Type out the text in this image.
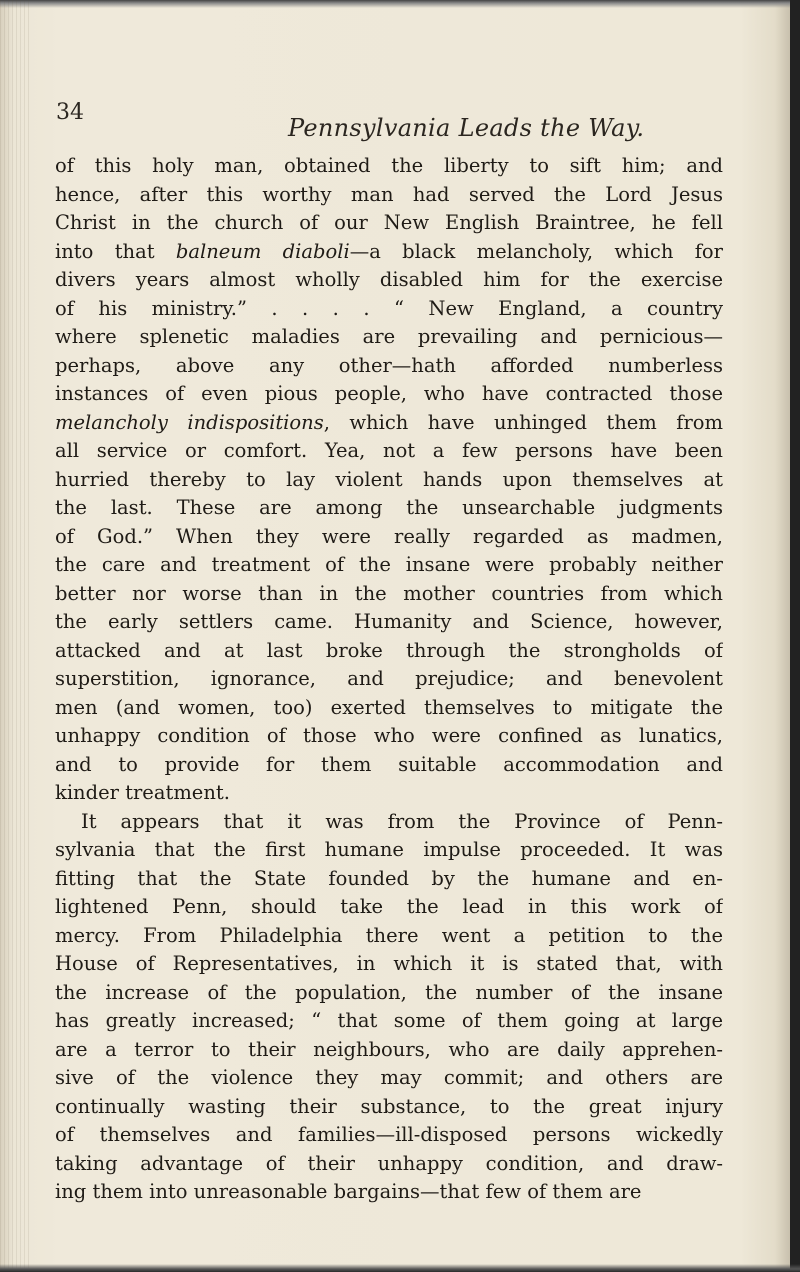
34
Pennsylvania Leads the Way.
of this holy man, obtained the liberty to sift him; and
hence, after this worthy man had served the Lord Jesus
Christ in the church of our New English Braintree, he fell
into that balneum diaboli—a black melancholy, which for
divers years almost wholly disabled him for the exercise
of his ministry.” . . . . “ New England, a country
where splenetic maladies are prevailing and pernicious—
perhaps, above any other—hath afforded numberless
instances of even pious people, who have contracted those
melancholy indispositions, which have unhinged them from
all service or comfort. Yea, not a few persons have been
hurried thereby to lay violent hands upon themselves at
the last. These are among the unsearchable judgments
of God.” When they were really regarded as madmen,
the care and treatment of the insane were probably neither
better nor worse than in the mother countries from which
the early settlers came. Humanity and Science, however,
attacked and at last broke through the strongholds of
superstition, ignorance, and prejudice; and benevolent
men (and women, too) exerted themselves to mitigate the
unhappy condition of those who were confined as lunatics,
and to provide for them suitable accommodation and
kinder treatment.
It appears that it was from the Province of Penn-
sylvania that the first humane impulse proceeded. It was
fitting that the State founded by the humane and en-
lightened Penn, should take the lead in this work of
mercy. From Philadelphia there went a petition to the
House of Representatives, in which it is stated that, with
the increase of the population, the number of the insane
has greatly increased; “ that some of them going at large
are a terror to their neighbours, who are daily apprehen-
sive of the violence they may commit; and others are
continually wasting their substance, to the great injury
of themselves and families—ill-disposed persons wickedly
taking advantage of their unhappy condition, and draw-
ing them into unreasonable bargains—that few of them are
